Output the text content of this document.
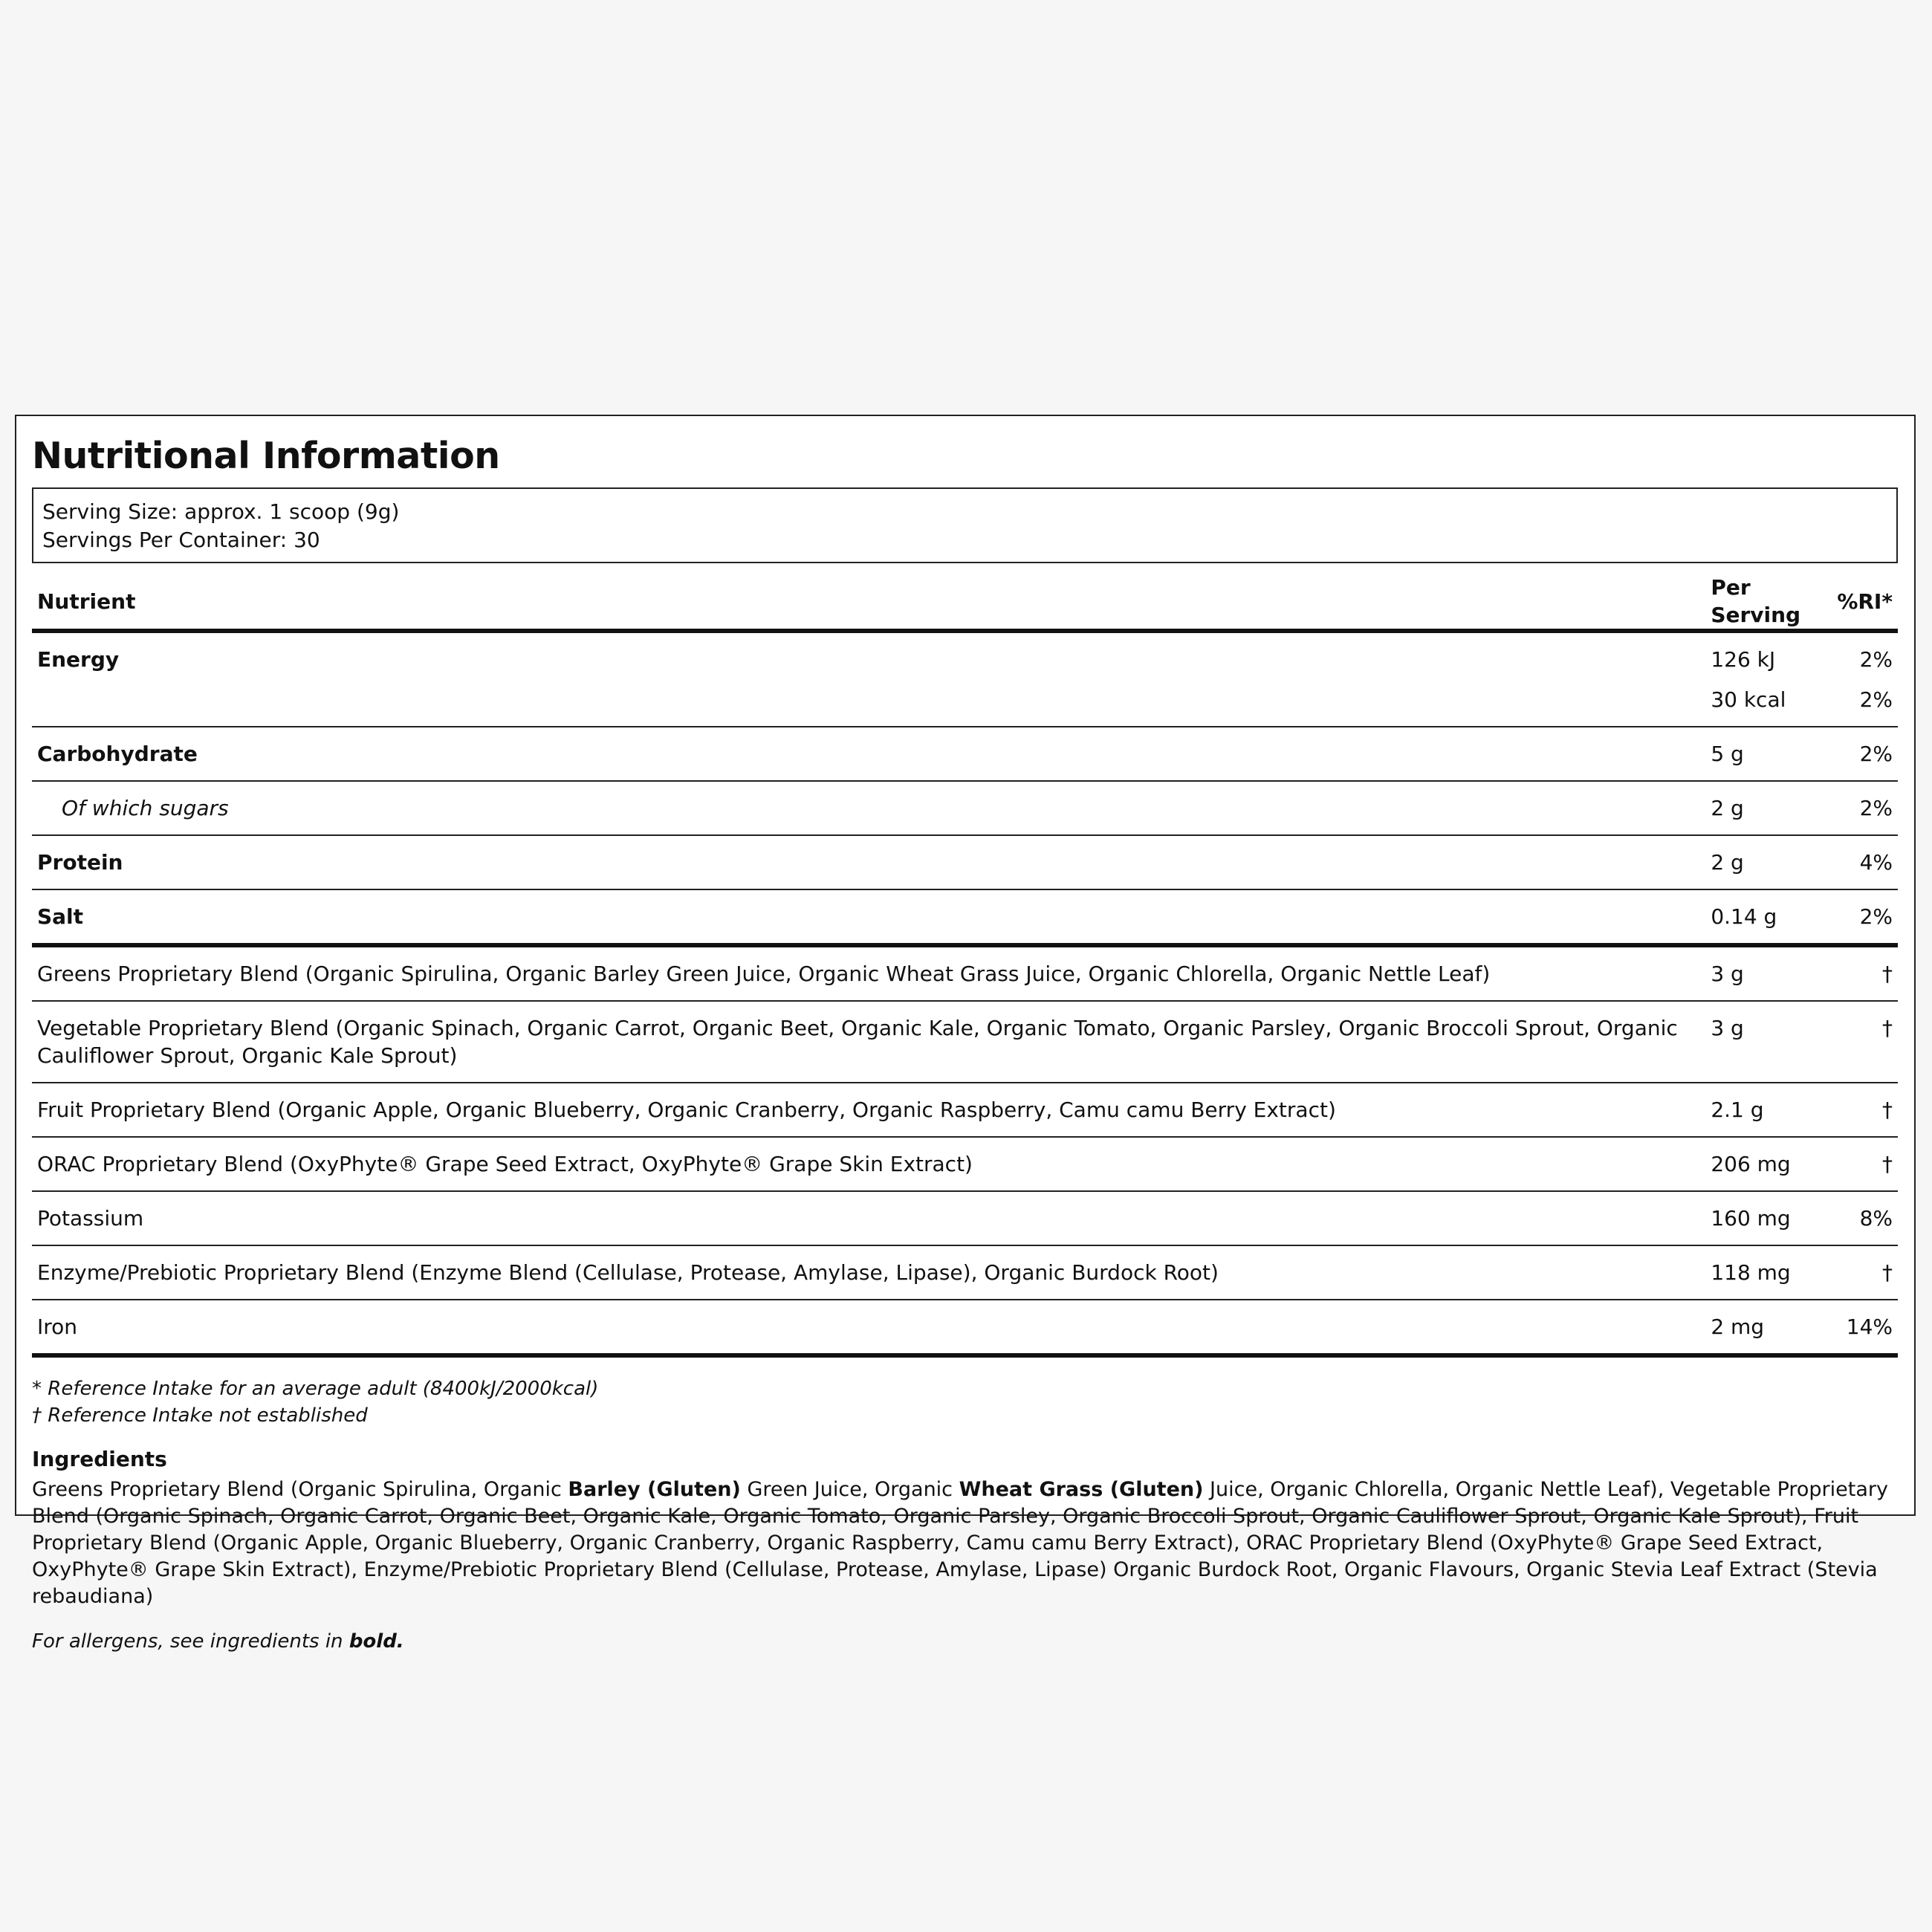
Nutritional Information
Serving Size: approx. 1 scoop (9g)
Servings Per Container: 30
Nutrient	Per Serving	%RI*
Energy	126 kJ	2%
	30 kcal	2%
Carbohydrate	5 g	2%
Of which sugars	2 g	2%
Protein	2 g	4%
Salt	0.14 g	2%
Greens Proprietary Blend (Organic Spirulina, Organic Barley Green Juice, Organic Wheat Grass Juice, Organic Chlorella, Organic Nettle Leaf)	3 g	†
Vegetable Proprietary Blend (Organic Spinach, Organic Carrot, Organic Beet, Organic Kale, Organic Tomato, Organic Parsley, Organic Broccoli Sprout, Organic Cauliflower Sprout, Organic Kale Sprout)	3 g	†
Fruit Proprietary Blend (Organic Apple, Organic Blueberry, Organic Cranberry, Organic Raspberry, Camu camu Berry Extract)	2.1 g	†
ORAC Proprietary Blend (OxyPhyte® Grape Seed Extract, OxyPhyte® Grape Skin Extract)	206 mg	†
Potassium	160 mg	8%
Enzyme/Prebiotic Proprietary Blend (Enzyme Blend (Cellulase, Protease, Amylase, Lipase), Organic Burdock Root)	118 mg	†
Iron	2 mg	14%
* Reference Intake for an average adult (8400kJ/2000kcal)
† Reference Intake not established
Ingredients
Greens Proprietary Blend (Organic Spirulina, Organic Barley (Gluten) Green Juice, Organic Wheat Grass (Gluten) Juice, Organic Chlorella, Organic Nettle Leaf), Vegetable Proprietary Blend (Organic Spinach, Organic Carrot, Organic Beet, Organic Kale, Organic Tomato, Organic Parsley, Organic Broccoli Sprout, Organic Cauliflower Sprout, Organic Kale Sprout), Fruit Proprietary Blend (Organic Apple, Organic Blueberry, Organic Cranberry, Organic Raspberry, Camu camu Berry Extract), ORAC Proprietary Blend (OxyPhyte® Grape Seed Extract, OxyPhyte® Grape Skin Extract), Enzyme/Prebiotic Proprietary Blend (Cellulase, Protease, Amylase, Lipase) Organic Burdock Root, Organic Flavours, Organic Stevia Leaf Extract (Stevia rebaudiana)
For allergens, see ingredients in bold.
